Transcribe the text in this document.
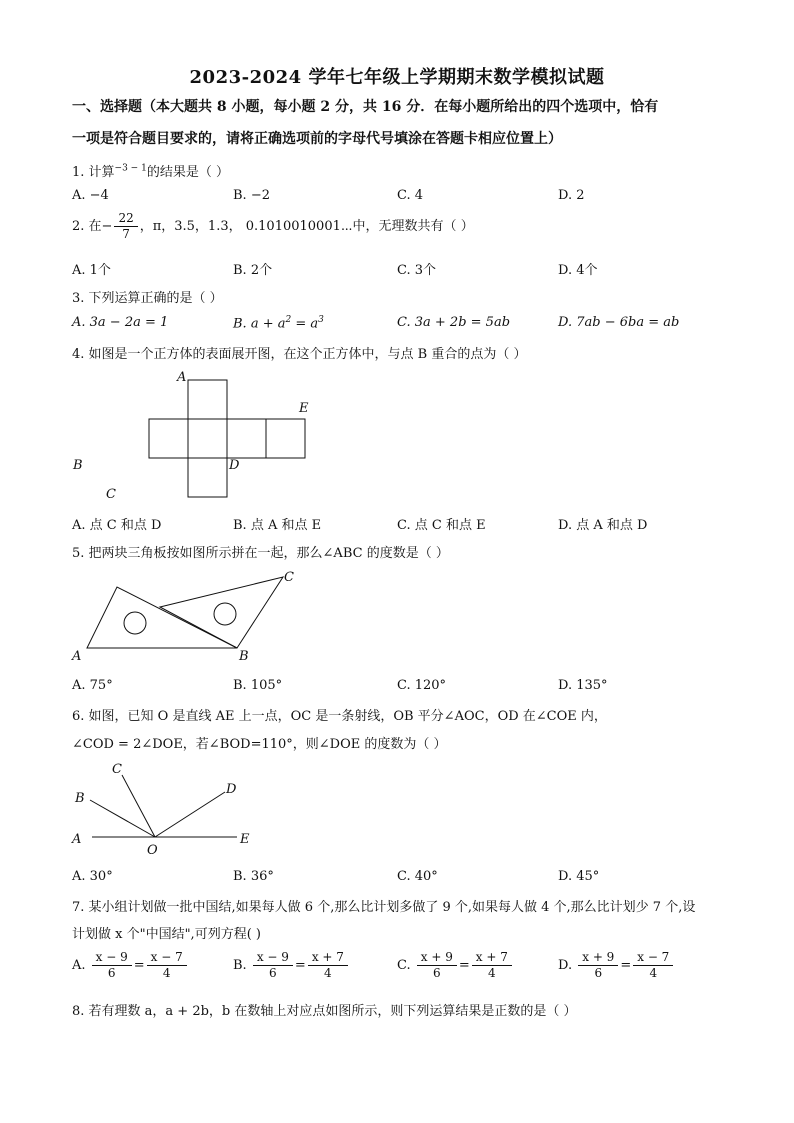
2023-2024 学年七年级上学期期末数学模拟试题
一、选择题（本大题共 8 小题，每小题 2 分，共 16 分．在每小题所给出的四个选项中，恰有
一项是符合题目要求的，请将正确选项前的字母代号填涂在答题卡相应位置上）
1. 计算$^{-3 - 1}$的结果是（ ）
A. −4	B. −2	C. 4	D. 2
2. 在− $\frac{22}{7}$ ，π，3.5，1.3， 0.1010010001⋯中，无理数共有（ ）
A. 1个	B. 2个	C. 3个	D. 4个
3. 下列运算正确的是（ ）
A. 3a − 2a = 1	B. $a + a^2 = a^3$	C. 3a + 2b = 5ab	D. 7ab − 6ba = ab
4. 如图是一个正方体的表面展开图，在这个正方体中，与点 B 重合的点为（ ）
A
E
B	D
C
A. 点 C 和点 D	B. 点 A 和点 E	C. 点 C 和点 E	D. 点 A 和点 D
5. 把两块三角板按如图所示拼在一起，那么∠ABC 的度数是（ ）
A	B
C
A. 75°	B. 105°	C. 120°	D. 135°
6. 如图，已知 O 是直线 AE 上一点，OC 是一条射线，OB 平分∠AOC，OD 在∠COE 内，
∠COD = 2∠DOE，若∠BOD=110°，则∠DOE 的度数为（ ）
C
B
D
A	E
O
A. 30°	B. 36°	C. 40°	D. 45°
7. 某小组计划做一批中国结,如果每人做 6 个,那么比计划多做了 9 个,如果每人做 4 个,那么比计划少 7 个,设
计划做 x 个"中国结",可列方程( )
A. $\frac{x - 9}{6} = \frac{x - 7}{4}$	B. $\frac{x - 9}{6} = \frac{x + 7}{4}$	C. $\frac{x + 9}{6} = \frac{x + 7}{4}$	D. $\frac{x + 9}{6} = \frac{x - 7}{4}$
8. 若有理数 a，a + 2b，b 在数轴上对应点如图所示，则下列运算结果是正数的是（ ）
